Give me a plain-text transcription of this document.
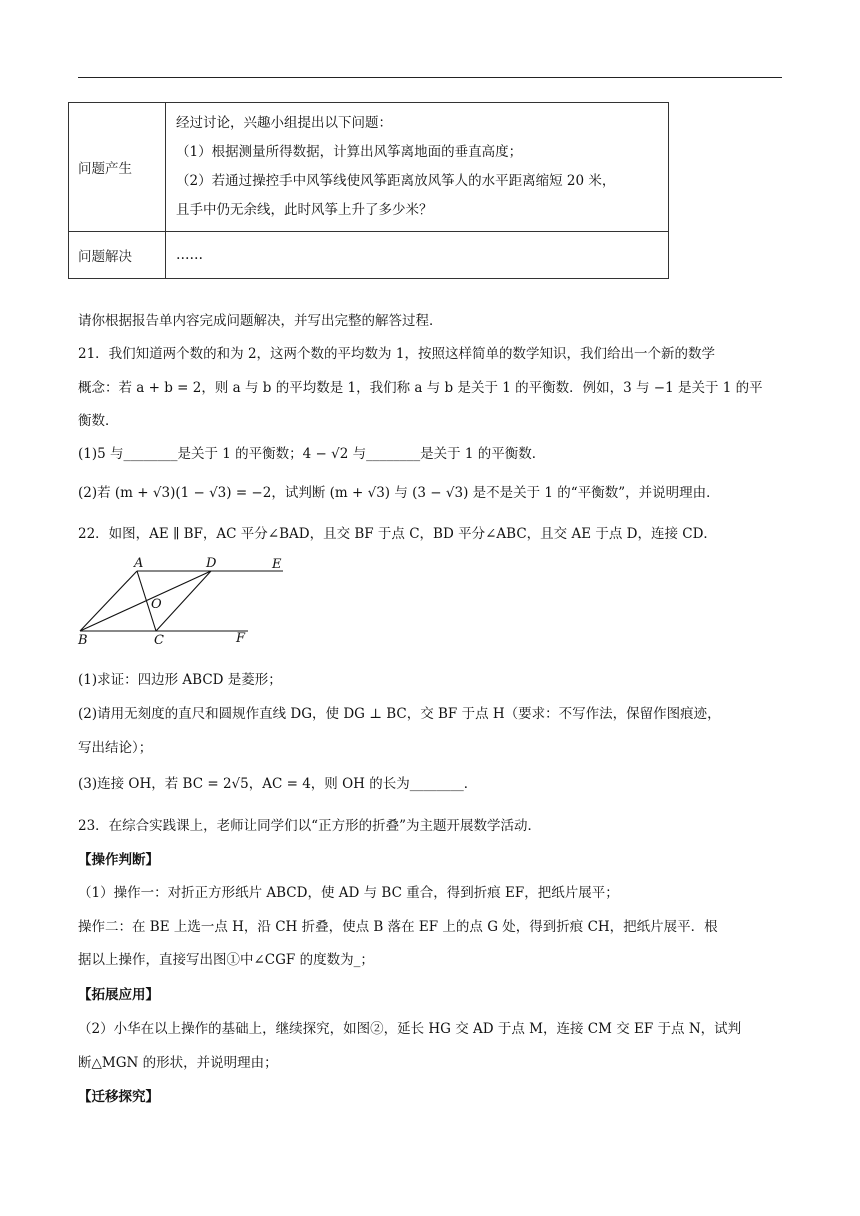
问题产生	经过讨论，兴趣小组提出以下问题：

（1）根据测量所得数据，计算出风筝离地面的垂直高度；

（2）若通过操控手中风筝线使风筝距离放风筝人的水平距离缩短 20 米，

且手中仍无余线，此时风筝上升了多少米？

问题解决	……
请你根据报告单内容完成问题解决，并写出完整的解答过程．
21．我们知道两个数的和为 2，这两个数的平均数为 1，按照这样简单的数学知识，我们给出一个新的数学
概念：若 a + b = 2，则 a 与 b 的平均数是 1，我们称 a 与 b 是关于 1 的平衡数．例如，3 与 −1 是关于 1 的平
衡数．
(1)5 与________是关于 1 的平衡数；4 − √2 与________是关于 1 的平衡数．
(2)若 (m + √3)(1 − √3) = −2，试判断 (m + √3) 与 (3 − √3) 是不是关于 1 的“平衡数”，并说明理由．
22．如图，AE ∥ BF，AC 平分∠BAD，且交 BF 于点 C，BD 平分∠ABC，且交 AE 于点 D，连接 CD．
A	D	E
O
B	C	F
(1)求证：四边形 ABCD 是菱形；
(2)请用无刻度的直尺和圆规作直线 DG，使 DG ⊥ BC，交 BF 于点 H（要求：不写作法，保留作图痕迹，
写出结论）；
(3)连接 OH，若 BC = 2√5，AC = 4，则 OH 的长为________．
23．在综合实践课上，老师让同学们以“正方形的折叠”为主题开展数学活动．
【操作判断】
（1）操作一：对折正方形纸片 ABCD，使 AD 与 BC 重合，得到折痕 EF，把纸片展平；
操作二：在 BE 上选一点 H，沿 CH 折叠，使点 B 落在 EF 上的点 G 处，得到折痕 CH，把纸片展平．根
据以上操作，直接写出图①中∠CGF 的度数为_；
【拓展应用】
（2）小华在以上操作的基础上，继续探究，如图②，延长 HG 交 AD 于点 M，连接 CM 交 EF 于点 N，试判
断△MGN 的形状，并说明理由；
【迁移探究】
